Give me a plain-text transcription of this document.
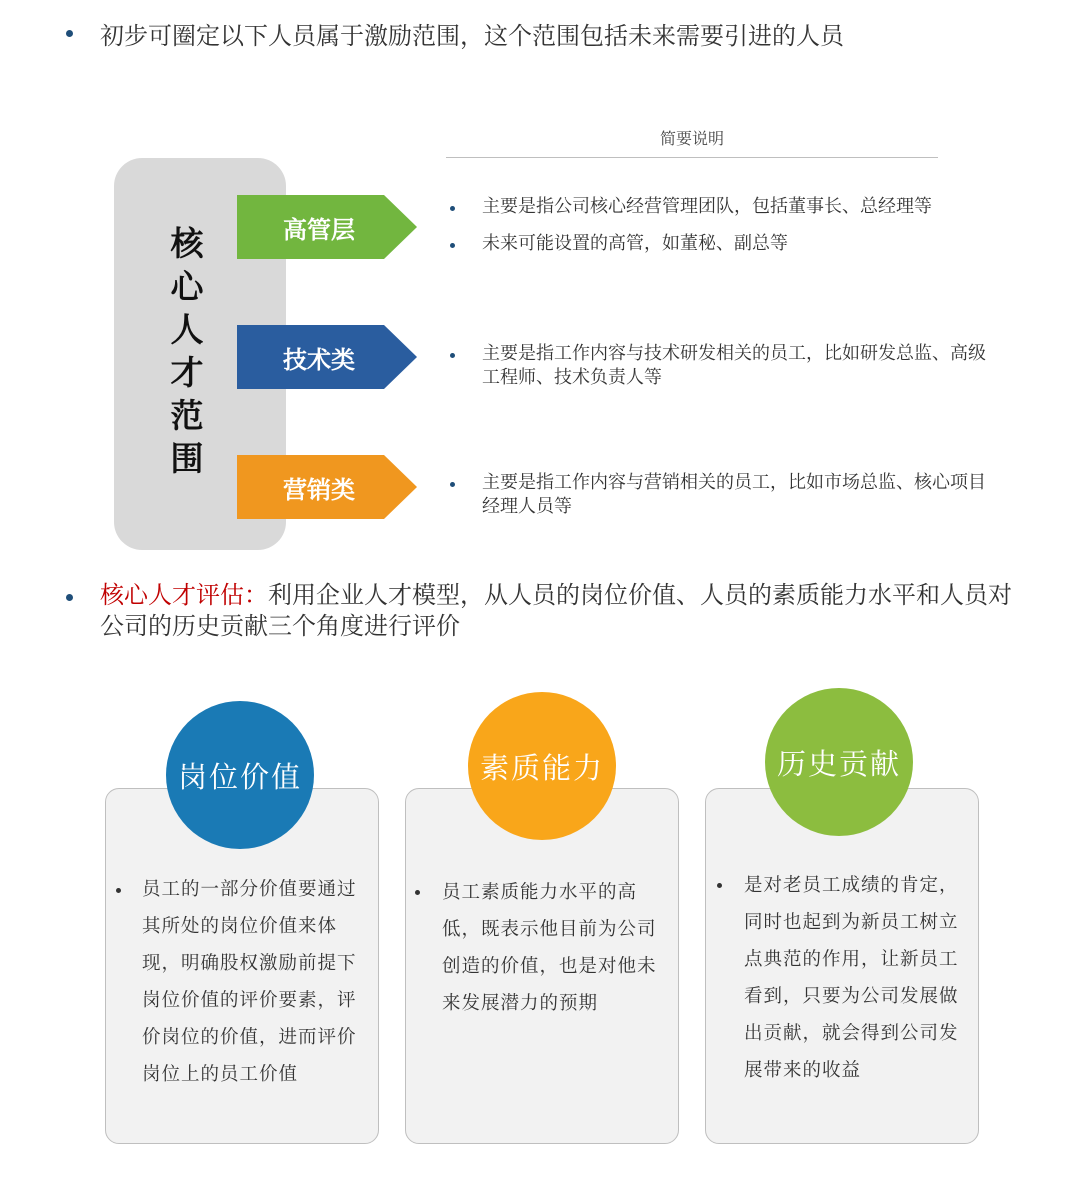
初步可圈定以下人员属于激励范围，这个范围包括未来需要引进的人员
简要说明
核
心
人
才
范
围
高管层
技术类
营销类
主要是指公司核心经营管理团队，包括董事长、总经理等
未来可能设置的高管，如董秘、副总等
主要是指工作内容与技术研发相关的员工，比如研发总监、高级工程师、技术负责人等
主要是指工作内容与营销相关的员工，比如市场总监、核心项目经理人员等
核心人才评估：利用企业人才模型，从人员的岗位价值、人员的素质能力水平和人员对公司的历史贡献三个角度进行评价
岗位价值	素质能力	历史贡献
员工的一部分价值要通过其所处的岗位价值来体现，明确股权激励前提下岗位价值的评价要素，评价岗位的价值，进而评价岗位上的员工价值
员工素质能力水平的高低，既表示他目前为公司创造的价值，也是对他未来发展潜力的预期
是对老员工成绩的肯定，同时也起到为新员工树立点典范的作用，让新员工看到，只要为公司发展做出贡献，就会得到公司发展带来的收益
